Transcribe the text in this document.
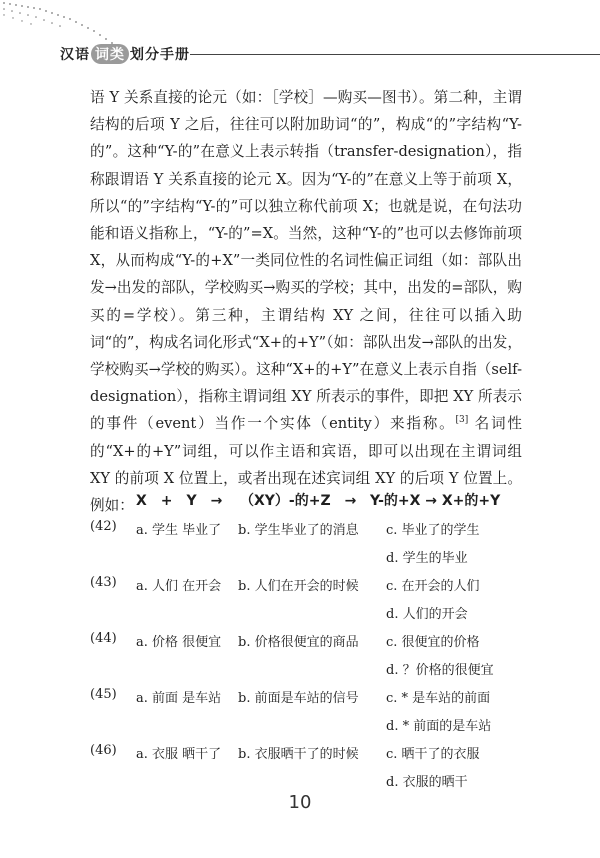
汉语 词类 划分手册

语 Y 关系直接的论元（如：［学校］—购买—图书）。第二种，主谓结构的后项 Y 之后，往往可以附加助词“的”，构成“的”字结构“Y-的”。这种“Y-的”在意义上表示转指（transfer-designation），指称跟谓语 Y 关系直接的论元 X。因为“Y-的”在意义上等于前项 X，所以“的”字结构“Y-的”可以独立称代前项 X；也就是说，在句法功能和语义指称上，“Y-的”=X。当然，这种“Y-的”也可以去修饰前项 X，从而构成“Y-的+X”一类同位性的名词性偏正词组（如：部队出发→出发的部队，学校购买→购买的学校；其中，出发的=部队，购买的=学校）。第三种，主谓结构 XY 之间，往往可以插入助词“的”，构成名词化形式“X+的+Y”（如：部队出发→部队的出发，学校购买→学校的购买）。这种“X+的+Y”在意义上表示自指（self-designation），指称主谓词组 XY 所表示的事件，即把 XY 所表示的事件（event）当作一个实体（entity）来指称。[3] 名词性的“X+的+Y”词组，可以作主语和宾语，即可以出现在主谓词组 XY 的前项 X 位置上，或者出现在述宾词组 XY 的后项 Y 位置上。例如： X　+　Y　→ （XY）-的+Z　→ Y-的+X → X+的+Y
(42) a. 学生 毕业了 b. 学生毕业了的消息 c. 毕业了的学生
d. 学生的毕业
(43) a. 人们 在开会 b. 人们在开会的时候 c. 在开会的人们
d. 人们的开会
(44) a. 价格 很便宜 b. 价格很便宜的商品 c. 很便宜的价格
d. ？价格的很便宜
(45) a. 前面 是车站 b. 前面是车站的信号 c. * 是车站的前面
d. * 前面的是车站
(46) a. 衣服 晒干了 b. 衣服晒干了的时候 c. 晒干了的衣服
d. 衣服的晒干
10
